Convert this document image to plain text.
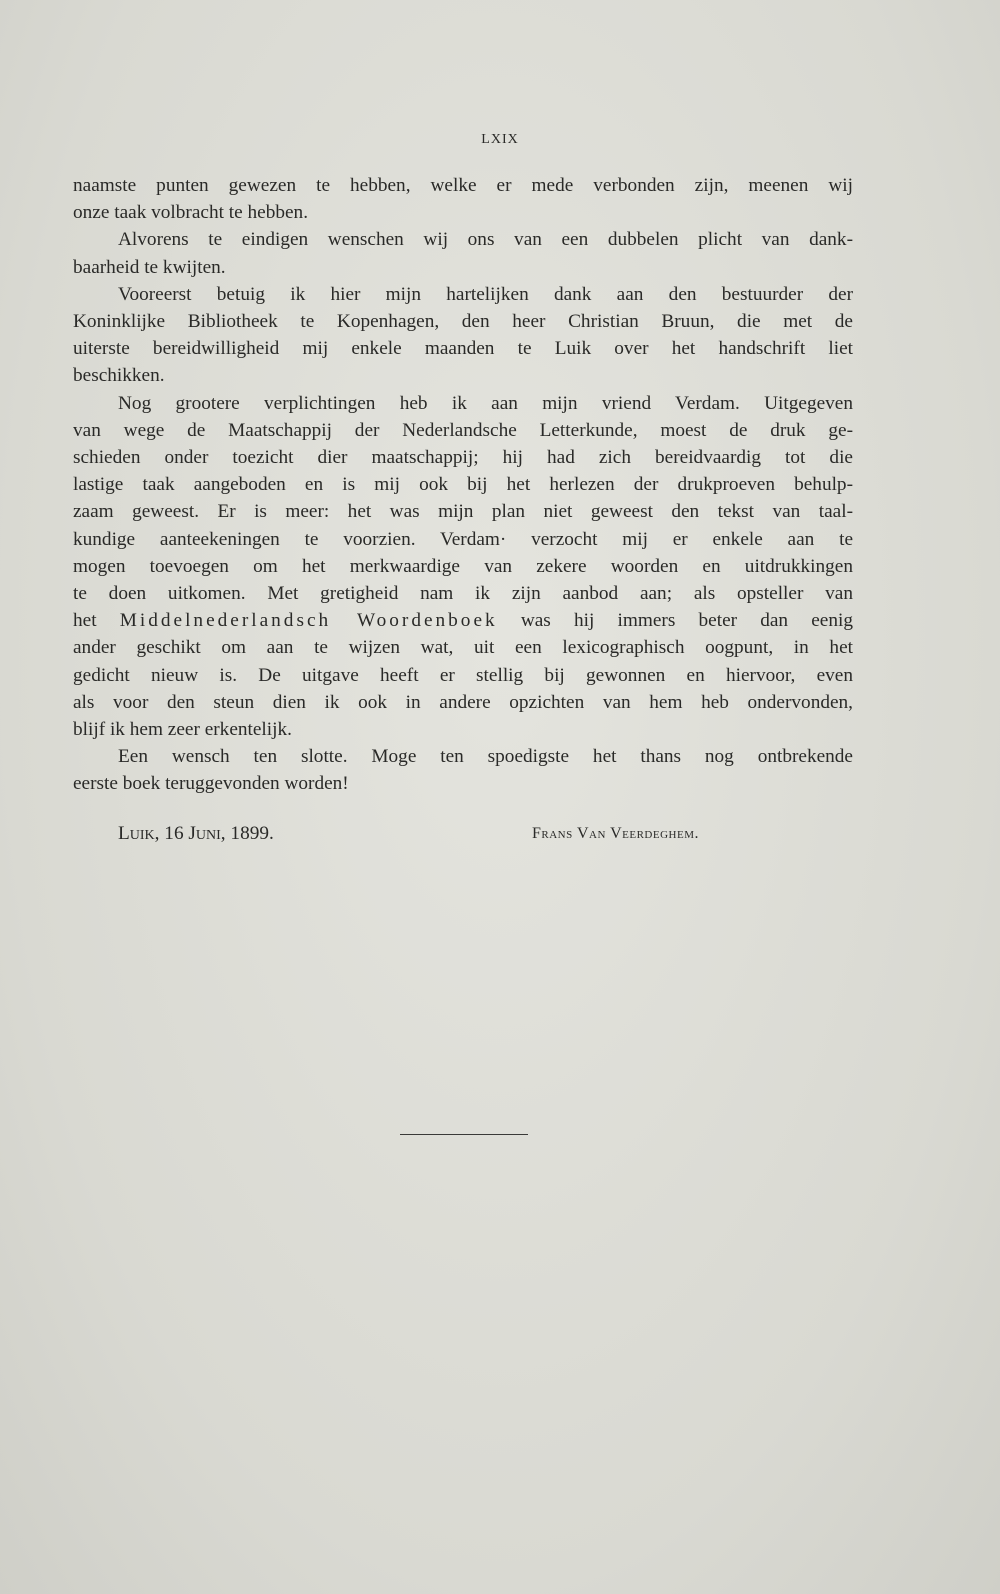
LXIX
naamste punten gewezen te hebben, welke er mede verbonden zijn, meenen wij
onze taak volbracht te hebben.
Alvorens te eindigen wenschen wij ons van een dubbelen plicht van dank-
baarheid te kwijten.
Vooreerst betuig ik hier mijn hartelijken dank aan den bestuurder der
Koninklijke Bibliotheek te Kopenhagen, den heer Christian Bruun, die met de
uiterste bereidwilligheid mij enkele maanden te Luik over het handschrift liet
beschikken.
Nog grootere verplichtingen heb ik aan mijn vriend Verdam. Uitgegeven
van wege de Maatschappij der Nederlandsche Letterkunde, moest de druk ge-
schieden onder toezicht dier maatschappij; hij had zich bereidvaardig tot die
lastige taak aangeboden en is mij ook bij het herlezen der drukproeven behulp-
zaam geweest. Er is meer: het was mijn plan niet geweest den tekst van taal-
kundige aanteekeningen te voorzien. Verdam· verzocht mij er enkele aan te
mogen toevoegen om het merkwaardige van zekere woorden en uitdrukkingen
te doen uitkomen. Met gretigheid nam ik zijn aanbod aan; als opsteller van
het Middelnederlandsch Woordenboek was hij immers beter dan eenig
ander geschikt om aan te wijzen wat, uit een lexicographisch oogpunt, in het
gedicht nieuw is. De uitgave heeft er stellig bij gewonnen en hiervoor, even
als voor den steun dien ik ook in andere opzichten van hem heb ondervonden,
blijf ik hem zeer erkentelijk.
Een wensch ten slotte. Moge ten spoedigste het thans nog ontbrekende
eerste boek teruggevonden worden!
Luik, 16 Juni, 1899.	Frans Van Veerdeghem.
